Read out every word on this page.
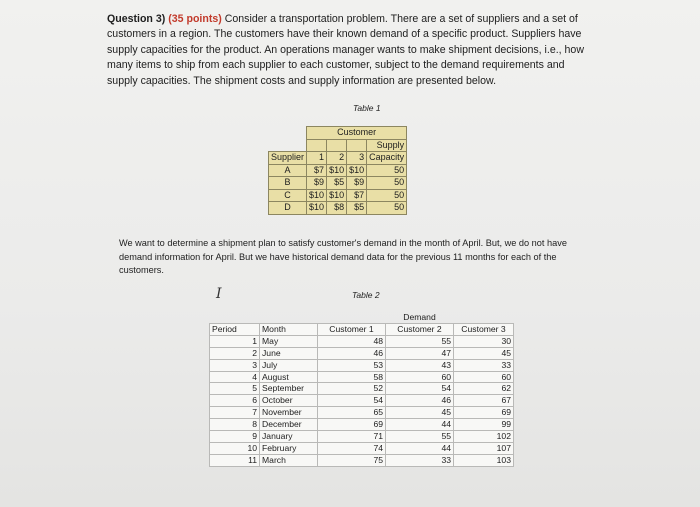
Question 3) (35 points) Consider a transportation problem. There are a set of suppliers and a set of customers in a region. The customers have their known demand of a specific product. Suppliers have supply capacities for the product. An operations manager wants to make shipment decisions, i.e., how many items to ship from each supplier to each customer, subject to the demand requirements and supply capacities. The shipment costs and supply information are presented below.
Table 1
	Customer			
				Supply
Supplier	1	2	3	Capacity
A	$7	$10	$10	50
B	$9	$5	$9	50
C	$10	$10	$7	50
D	$10	$8	$5	50
We want to determine a shipment plan to satisfy customer's demand in the month of April. But, we do not have demand information for April. But we have historical demand data for the previous 11 months for each of the customers.
I	Table 2
			Demand	
Period	Month	Customer 1	Customer 2	Customer 3
1	May	48	55	30
2	June	46	47	45
3	July	53	43	33
4	August	58	60	60
5	September	52	54	62
6	October	54	46	67
7	November	65	45	69
8	December	69	44	99
9	January	71	55	102
10	February	74	44	107
11	March	75	33	103
